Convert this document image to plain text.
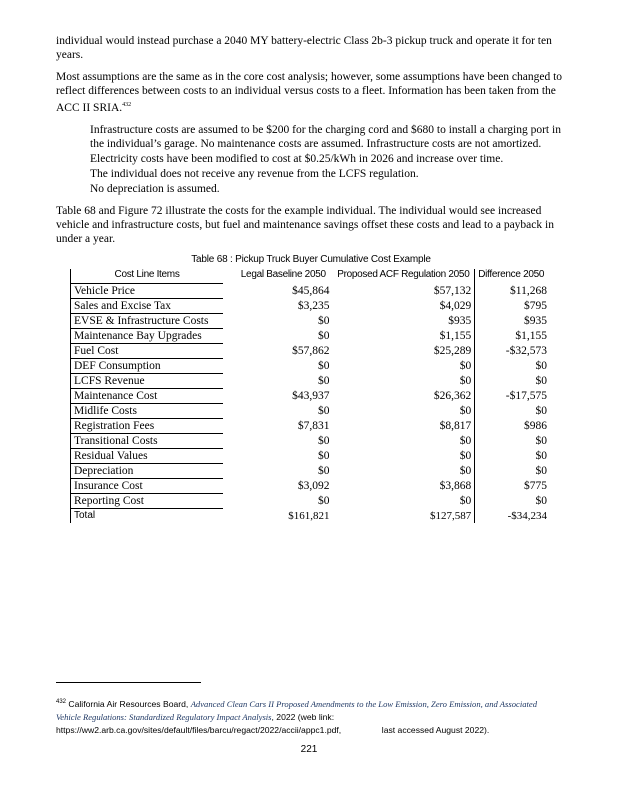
individual would instead purchase a 2040 MY battery-electric Class 2b-3 pickup truck and operate it for ten years.

Most assumptions are the same as in the core cost analysis; however, some assumptions have been changed to reflect differences between costs to an individual versus costs to a fleet. Information has been taken from the ACC II SRIA.$^{432}$

Infrastructure costs are assumed to be $200 for the charging cord and $680 to install a charging port in the individual’s garage. No maintenance costs are assumed. Infrastructure costs are not amortized.
Electricity costs have been modified to cost at $0.25/kWh in 2026 and increase over time.
The individual does not receive any revenue from the LCFS regulation.
No depreciation is assumed.

Table 68 and Figure 72 illustrate the costs for the example individual. The individual would see increased vehicle and infrastructure costs, but fuel and maintenance savings offset these costs and lead to a payback in under a year.

Table 68 : Pickup Truck Buyer Cumulative Cost Example
Cost Line Items	Legal Baseline 2050	Proposed ACF Regulation 2050	Difference 2050
Vehicle Price	$45,864	$57,132	$11,268
Sales and Excise Tax	$3,235	$4,029	$795
EVSE & Infrastructure Costs	$0	$935	$935
Maintenance Bay Upgrades	$0	$1,155	$1,155
Fuel Cost	$57,862	$25,289	-$32,573
DEF Consumption	$0	$0	$0
LCFS Revenue	$0	$0	$0
Maintenance Cost	$43,937	$26,362	-$17,575
Midlife Costs	$0	$0	$0
Registration Fees	$7,831	$8,817	$986
Transitional Costs	$0	$0	$0
Residual Values	$0	$0	$0
Depreciation	$0	$0	$0
Insurance Cost	$3,092	$3,868	$775
Reporting Cost	$0	$0	$0
Total	$161,821	$127,587	-$34,234
$^{432}$ California Air Resources Board, Advanced Clean Cars II Proposed Amendments to the Low Emission, Zero Emission, and Associated Vehicle Regulations: Standardized Regulatory Impact Analysis, 2022 (web link:
https://ww2.arb.ca.gov/sites/default/files/barcu/regact/2022/accii/appc1.pdf,	last accessed August 2022).
221
